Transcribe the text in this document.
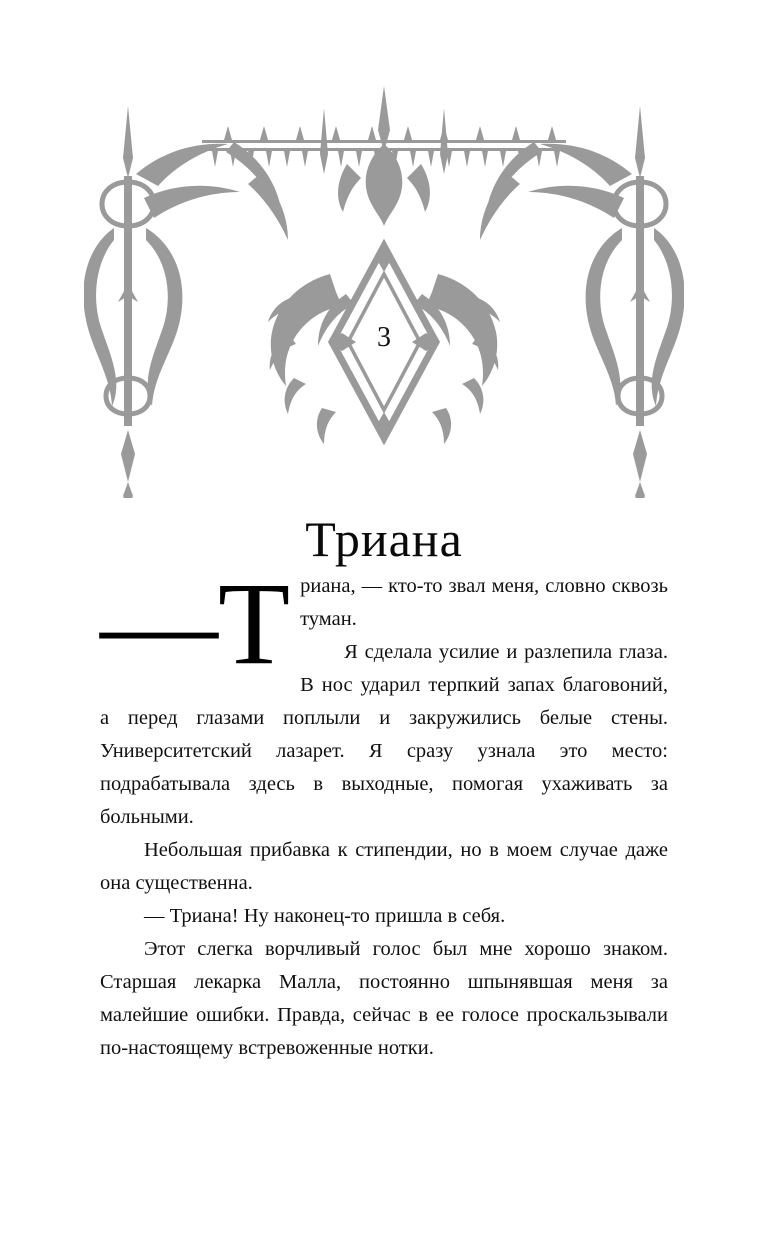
3
Триана
—Т риана, — кто-то звал меня, словно сквозь туман.

Я сделала усилие и разлепила глаза. В нос ударил терпкий запах благовоний, а перед глазами поплыли и закружились белые стены. Университетский лазарет. Я сразу узнала это место: подрабатывала здесь в выходные, помогая ухаживать за больными.

Небольшая прибавка к стипендии, но в моем случае даже она существенна.

— Триана! Ну наконец-то пришла в себя.

Этот слегка ворчливый голос был мне хорошо знаком. Старшая лекарка Малла, постоянно шпынявшая меня за малейшие ошибки. Правда, сейчас в ее голосе проскальзывали по-настоящему встревоженные нотки.
